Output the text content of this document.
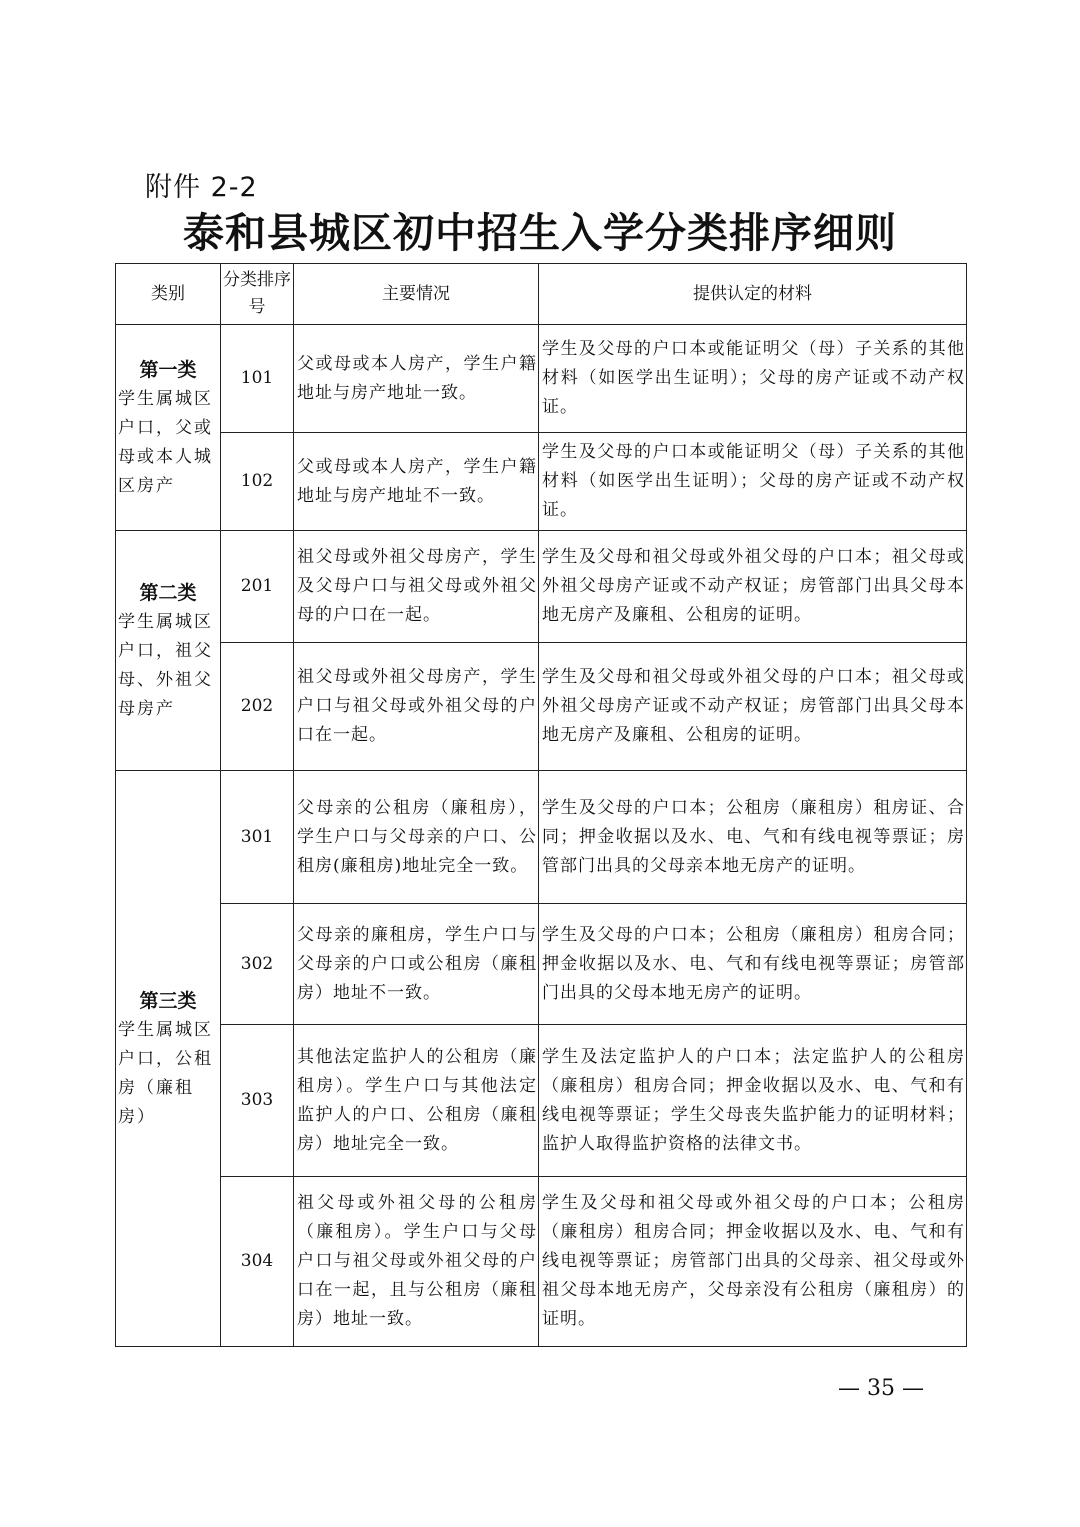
附件 2-2
泰和县城区初中招生入学分类排序细则
类别	分类排序号	主要情况	提供认定的材料

第一类
学生属城区户口，父或母或本人城区房产	101	父或母或本人房产，学生户籍地址与房产地址一致。	学生及父母的户口本或能证明父（母）子关系的其他材料（如医学出生证明）；父母的房产证或不动产权证。
	102	父或母或本人房产，学生户籍地址与房产地址不一致。	学生及父母的户口本或能证明父（母）子关系的其他材料（如医学出生证明）；父母的房产证或不动产权证。

第二类
学生属城区户口，祖父母、外祖父母房产	201	祖父母或外祖父母房产，学生及父母户口与祖父母或外祖父母的户口在一起。	学生及父母和祖父母或外祖父母的户口本；祖父母或外祖父母房产证或不动产权证；房管部门出具父母本地无房产及廉租、公租房的证明。
	202	祖父母或外祖父母房产，学生户口与祖父母或外祖父母的户口在一起。	学生及父母和祖父母或外祖父母的户口本；祖父母或外祖父母房产证或不动产权证；房管部门出具父母本地无房产及廉租、公租房的证明。

第三类
学生属城区户口，公租房（廉租房）	301	父母亲的公租房（廉租房），学生户口与父母亲的户口、公租房(廉租房)地址完全一致。	学生及父母的户口本；公租房（廉租房）租房证、合同；押金收据以及水、电、气和有线电视等票证；房管部门出具的父母亲本地无房产的证明。
	302	父母亲的廉租房，学生户口与父母亲的户口或公租房（廉租房）地址不一致。	学生及父母的户口本；公租房（廉租房）租房合同；押金收据以及水、电、气和有线电视等票证；房管部门出具的父母本地无房产的证明。
	303	其他法定监护人的公租房（廉租房）。学生户口与其他法定监护人的户口、公租房（廉租房）地址完全一致。	学生及法定监护人的户口本；法定监护人的公租房（廉租房）租房合同；押金收据以及水、电、气和有线电视等票证；学生父母丧失监护能力的证明材料；监护人取得监护资格的法律文书。
	304	祖父母或外祖父母的公租房（廉租房）。学生户口与父母户口与祖父母或外祖父母的户口在一起，且与公租房（廉租房）地址一致。	学生及父母和祖父母或外祖父母的户口本；公租房（廉租房）租房合同；押金收据以及水、电、气和有线电视等票证；房管部门出具的父母亲、祖父母或外祖父母本地无房产，父母亲没有公租房（廉租房）的证明。
— 35 —
